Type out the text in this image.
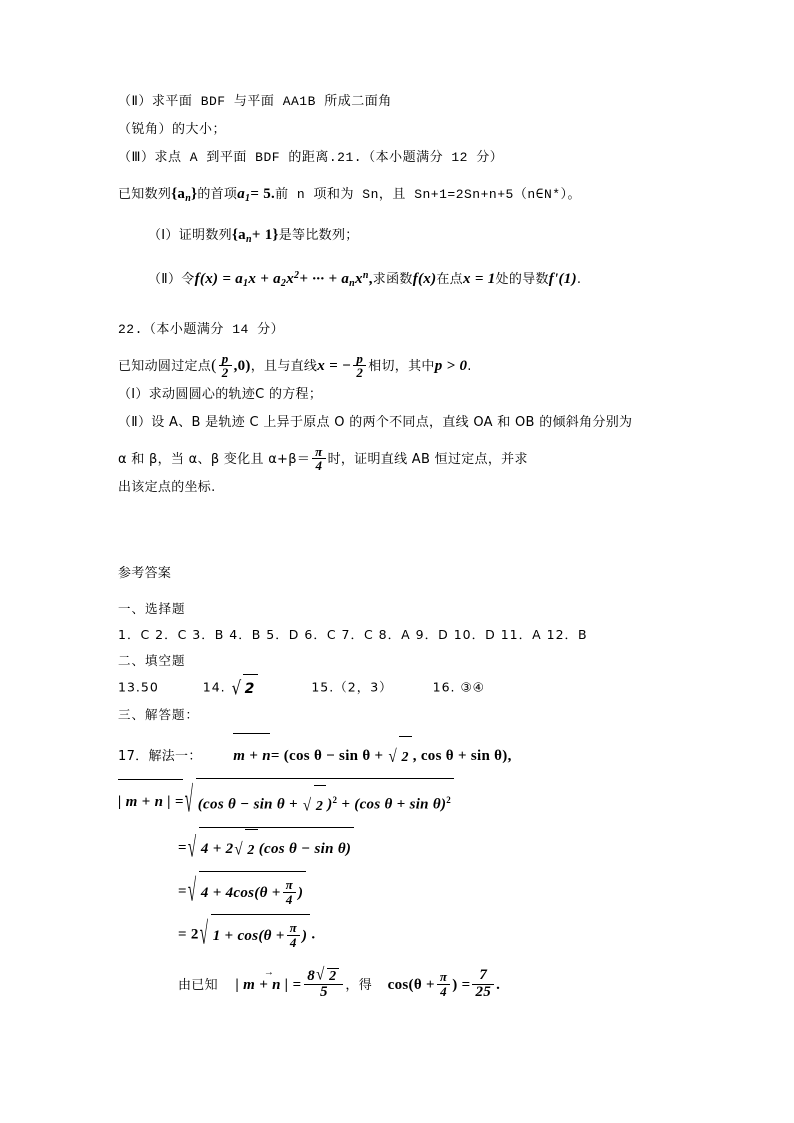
（Ⅱ）求平面 BDF 与平面 AA1B 所成二面角
（锐角）的大小；
（Ⅲ）求点 A 到平面 BDF 的距离.21.（本小题满分 12 分）
已知数列$\{a_n\}$的首项$a_1= 5$.前 n 项和为 Sn，且 Sn+1=2Sn+n+5（n∈N*）。
（Ⅰ）证明数列$\{a_n+ 1\}$是等比数列；
（Ⅱ）令$f(x) = a_1x + a_2x^2+$ ··· + $a_nx^n$,求函数f(x)在点x = 1处的导数f'(1).
22.（本小题满分 14 分）
已知动圆过定点( $\frac{p}{2} ,0$)，且与直线x = − $\frac{p}{2}$ 相切，其中p > 0.
（Ⅰ）求动圆圆心的轨迹C 的方程；
（Ⅱ）设 A、B 是轨迹 C 上异于原点 O 的两个不同点，直线 OA 和 OB 的倾斜角分别为
α 和 β，当 α、β 变化且 $\alpha+\beta= \frac{\pi}{4}$ 时，证明直线 AB 恒过定点，并求
出该定点的坐标.
参考答案
一、选择题
1．C 2．C 3．B 4．B 5．D 6．C 7．C 8．A 9．D 10．D 11．A 12．B
二、填空题
13.50	14. √ 2	15.（2，3）	16. ③④
三、解答题：
17．解法一： m + n= (cos θ − sin θ + √ 2 , cos θ + sin θ),
| m + n | = √ (cos θ − sin θ + √ 2 )$^2$ + (cos θ + sin θ)$^2$
= √ 4 + 2 √ 2 (cos θ − sin θ)
= √ $4 + 4\cos(\theta + \frac{\pi}{4}$ )
= 2 √ $1 + \cos(\theta + \frac{\pi}{4}$ ) .
由已知 | m + n | = → $\frac{8 √ 2}{5}$ ，得 $\cos(\theta + \frac{\pi}{4}$ ) = $\frac{7}{25}$ .
